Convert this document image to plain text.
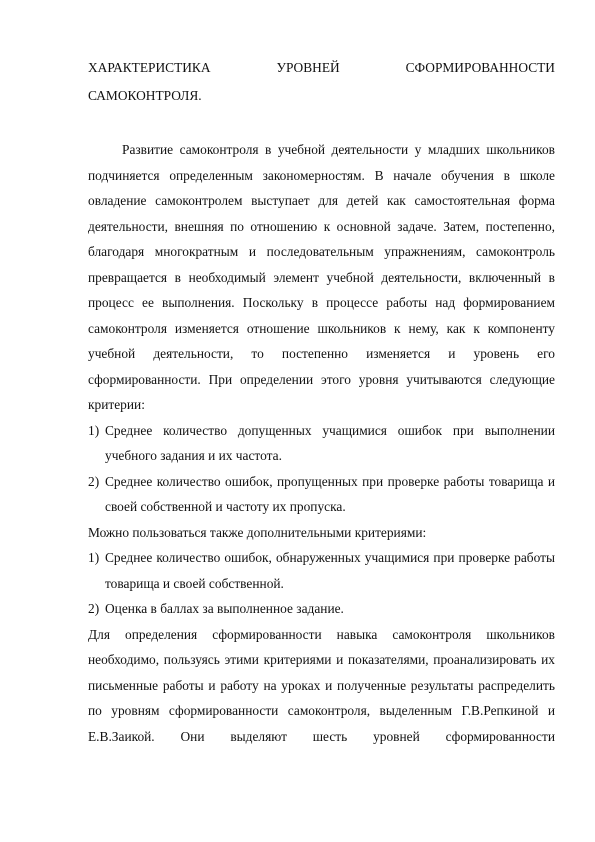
ХАРАКТЕРИСТИКА	УРОВНЕЙ	СФОРМИРОВАННОСТИ
САМОКОНТРОЛЯ.

Развитие самоконтроля в учебной деятельности у младших школьников подчиняется определенным закономерностям. В начале обучения в школе овладение самоконтролем выступает для детей как самостоятельная форма деятельности, внешняя по отношению к основной задаче. Затем, постепенно, благодаря многократным и последовательным упражнениям, самоконтроль превращается в необходимый элемент учебной деятельности, включенный в процесс ее выполнения. Поскольку в процессе работы над формированием самоконтроля изменяется отношение школьников к нему, как к компоненту учебной деятельности, то постепенно изменяется и уровень его сформированности. При определении этого уровня учитываются следующие критерии:

1) Среднее количество допущенных учащимися ошибок при выполнении учебного задания и их частота.
2) Среднее количество ошибок, пропущенных при проверке работы товарища и своей собственной и частоту их пропуска.

Можно пользоваться также дополнительными критериями:

1) Среднее количество ошибок, обнаруженных учащимися при проверке работы товарища и своей собственной.
2) Оценка в баллах за выполненное задание.

Для определения сформированности навыка самоконтроля школьников необходимо, пользуясь этими критериями и показателями, проанализировать их письменные работы и работу на уроках и полученные результаты распределить по уровням сформированности самоконтроля, выделенным Г.В.Репкиной и Е.В.Заикой. Они выделяют шесть уровней сформированности
